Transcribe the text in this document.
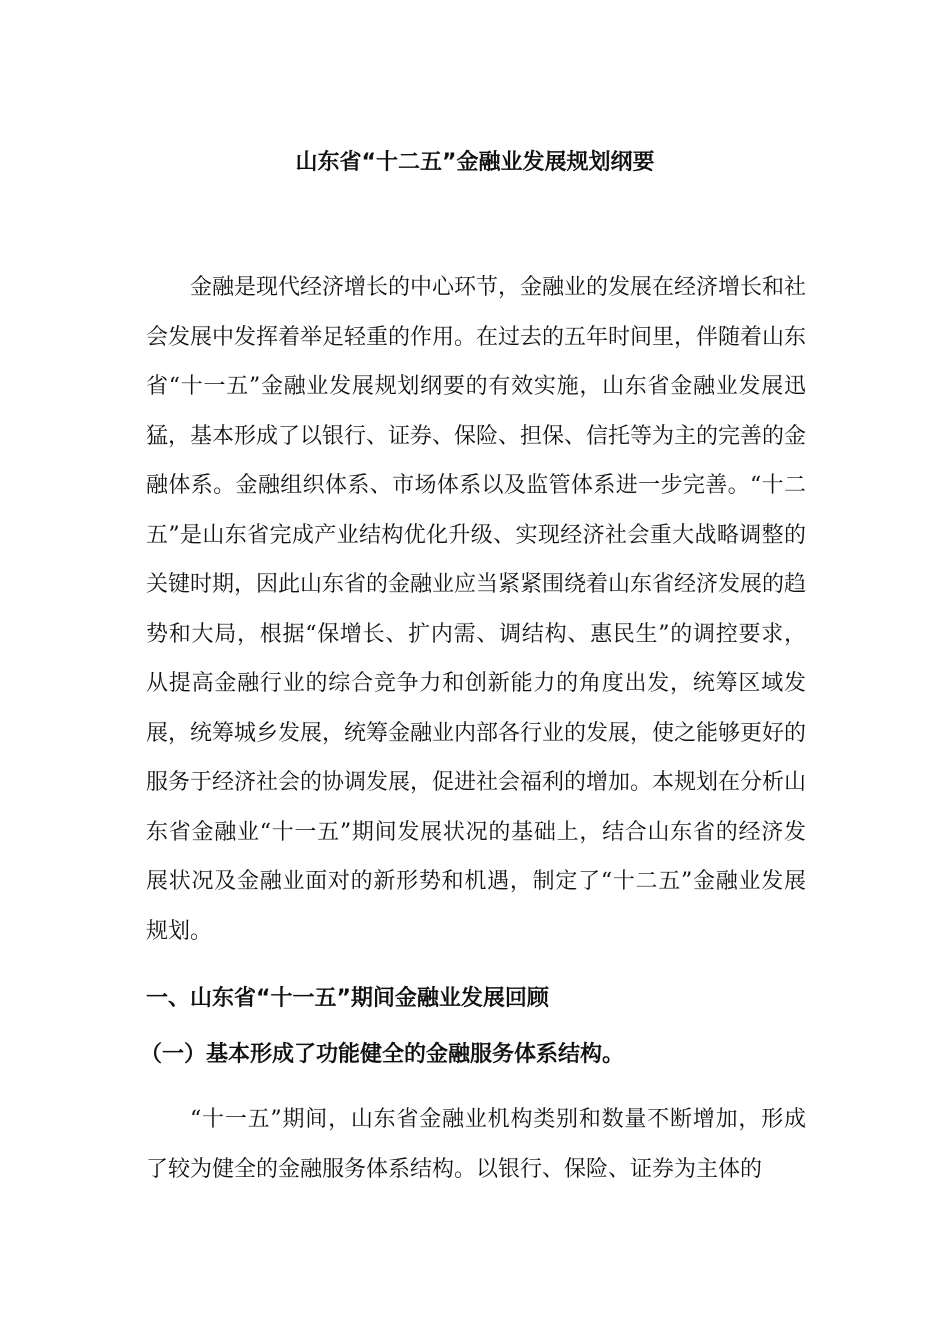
山东省“十二五”金融业发展规划纲要

金融是现代经济增长的中心环节，金融业的发展在经济增长和社会发展中发挥着举足轻重的作用。在过去的五年时间里，伴随着山东省“十一五”金融业发展规划纲要的有效实施，山东省金融业发展迅猛，基本形成了以银行、证券、保险、担保、信托等为主的完善的金融体系。金融组织体系、市场体系以及监管体系进一步完善。“十二五”是山东省完成产业结构优化升级、实现经济社会重大战略调整的关键时期，因此山东省的金融业应当紧紧围绕着山东省经济发展的趋势和大局，根据“保增长、扩内需、调结构、惠民生”的调控要求，从提高金融行业的综合竞争力和创新能力的角度出发，统筹区域发展，统筹城乡发展，统筹金融业内部各行业的发展，使之能够更好的服务于经济社会的协调发展，促进社会福利的增加。本规划在分析山东省金融业“十一五”期间发展状况的基础上，结合山东省的经济发展状况及金融业面对的新形势和机遇，制定了“十二五”金融业发展规划。

一、山东省“十一五”期间金融业发展回顾
（一）基本形成了功能健全的金融服务体系结构。

“十一五”期间，山东省金融业机构类别和数量不断增加，形成了较为健全的金融服务体系结构。以银行、保险、证券为主体的
